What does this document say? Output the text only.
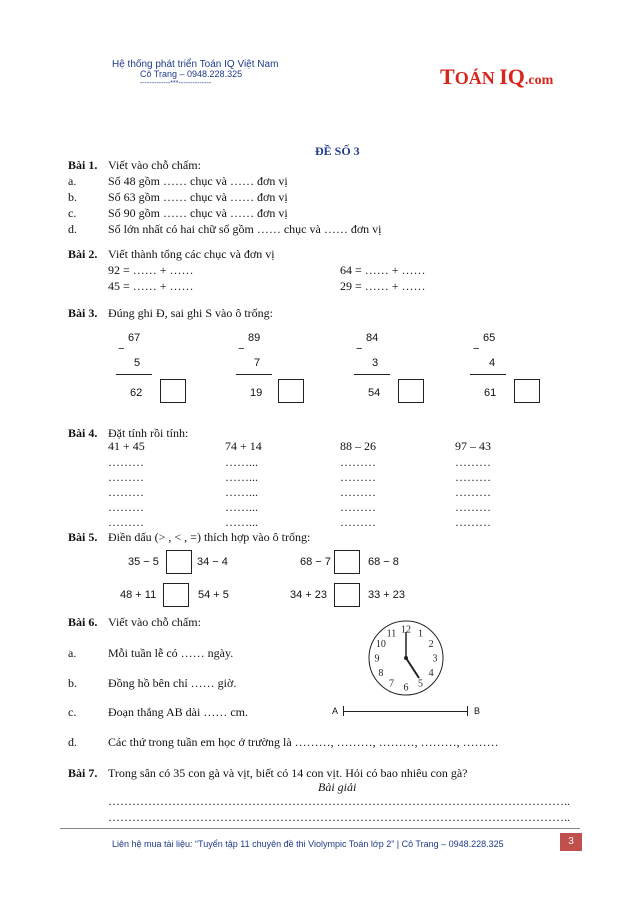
Hệ thống phát triển Toán IQ Việt Nam
Cô Trang – 0948.228.325
-------------***--------------	TOÁN IQ.com
ĐỀ SỐ 3
Bài 1. Viết vào chỗ chấm:
a.	Số 48 gồm …… chục và …… đơn vị
b.	Số 63 gồm …… chục và …… đơn vị
c.	Số 90 gồm …… chục và …… đơn vị
d.	Số lớn nhất có hai chữ số gồm …… chục và …… đơn vị
Bài 2. Viết thành tổng các chục và đơn vị
92 = …… + ……	64 = …… + ……
45 = …… + ……	29 = …… + ……
Bài 3. Đúng ghi Đ, sai ghi S vào ô trống:
67
−
5
62
89
−
7
19
84
−
3
54
65
−
4
61
Bài 4. Đặt tính rồi tính:
41 + 45	74 + 14	88 – 26	97 – 43
………	……...	………	………
………	……...	………	………
………	……...	………	………
………	……...	………	………
………	……...	………	………
Bài 5. Điền dấu (> , < , =) thích hợp vào ô trống:
35 − 5	34 − 4	68 − 7	68 − 8
48 + 11	54 + 5	34 + 23	33 + 23
Bài 6. Viết vào chỗ chấm:
a.	Mỗi tuần lễ có …… ngày.
b.	Đồng hồ bên chỉ …… giờ.
c.	Đoạn thẳng AB dài …… cm.
d.	Các thứ trong tuần em học ở trường là ………, ………, ………, ………, ………
12 1
2
3
4
5
6
7
8
9
10
11
A	B
Bài 7. Trong sân có 35 con gà và vịt, biết có 14 con vịt. Hỏi có bao nhiêu con gà?
Bài giải
……………………………………………………………………………………………………..
……………………………………………………………………………………………………..
Liên hệ mua tài liệu: “Tuyển tập 11 chuyên đề thi Violympic Toán lớp 2” | Cô Trang – 0948.228.325	3
